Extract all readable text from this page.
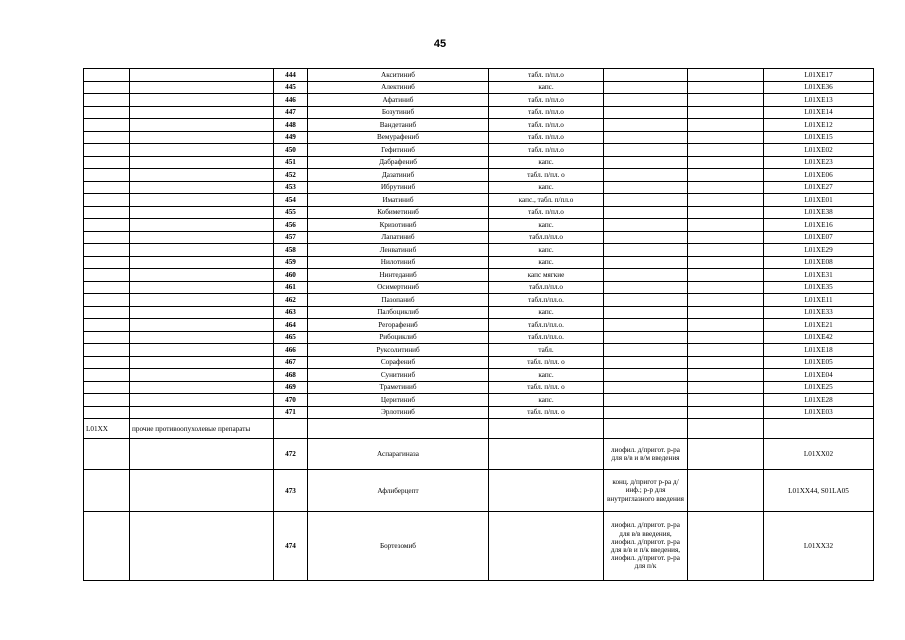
45
		444	Акситиниб	табл. п/пл.о			L01XE17
		445	Алектиниб	капс.			L01XE36
		446	Афатиниб	табл. п/пл.о			L01XE13
		447	Бозутиниб	табл. п/пл.о			L01XE14
		448	Вандетаниб	табл. п/пл.о			L01XE12
		449	Вемурафениб	табл. п/пл.о			L01XE15
		450	Гефитиниб	табл. п/пл.о			L01XE02
		451	Дабрафениб	капс.			L01XE23
		452	Дазатиниб	табл. п/пл. о			L01XE06
		453	Ибрутиниб	капс.			L01XE27
		454	Иматиниб	капс., табл. п/пл.о			L01XE01
		455	Кобиметиниб	табл. п/пл.о			L01XE38
		456	Кризотиниб	капс.			L01XE16
		457	Лапатиниб	табл.п/пл.о			L01XE07
		458	Ленватиниб	капс.			L01XE29
		459	Нилотиниб	капс.			L01XE08
		460	Нинтеданиб	капс мягкие			L01XE31
		461	Осимертиниб	табл.п/пл.о			L01XE35
		462	Пазопаниб	табл.п/пл.о.			L01XE11
		463	Палбоциклиб	капс.			L01XE33
		464	Регорафениб	табл.п/пл.о.			L01XE21
		465	Рибоциклиб	табл.п/пл.о.			L01XE42
		466	Руксолитиниб	табл.			L01XE18
		467	Сорафениб	табл. п/пл. о			L01XE05
		468	Сунитиниб	капс.			L01XE04
		469	Траметиниб	табл. п/пл. о			L01XE25
		470	Церитиниб	капс.			L01XE28
		471	Эрлотиниб	табл. п/пл. о			L01XE03
L01XX	прочие противоопухолевые препараты						
		472	Аспарагиназа		лиофил. д/пригот. р-ра для в/в и в/м введения		L01XX02
		473	Афлиберцепт		конц. д/пригот р-ра д/инф.; р-р для внутриглазного введения		L01XX44, S01LA05
		474	Бортезомиб		лиофил. д/пригот. р-ра для в/в введения, лиофил. д/пригот. р-ра для в/в и п/к введения, лиофил. д/пригот. р-ра для п/к		L01XX32
